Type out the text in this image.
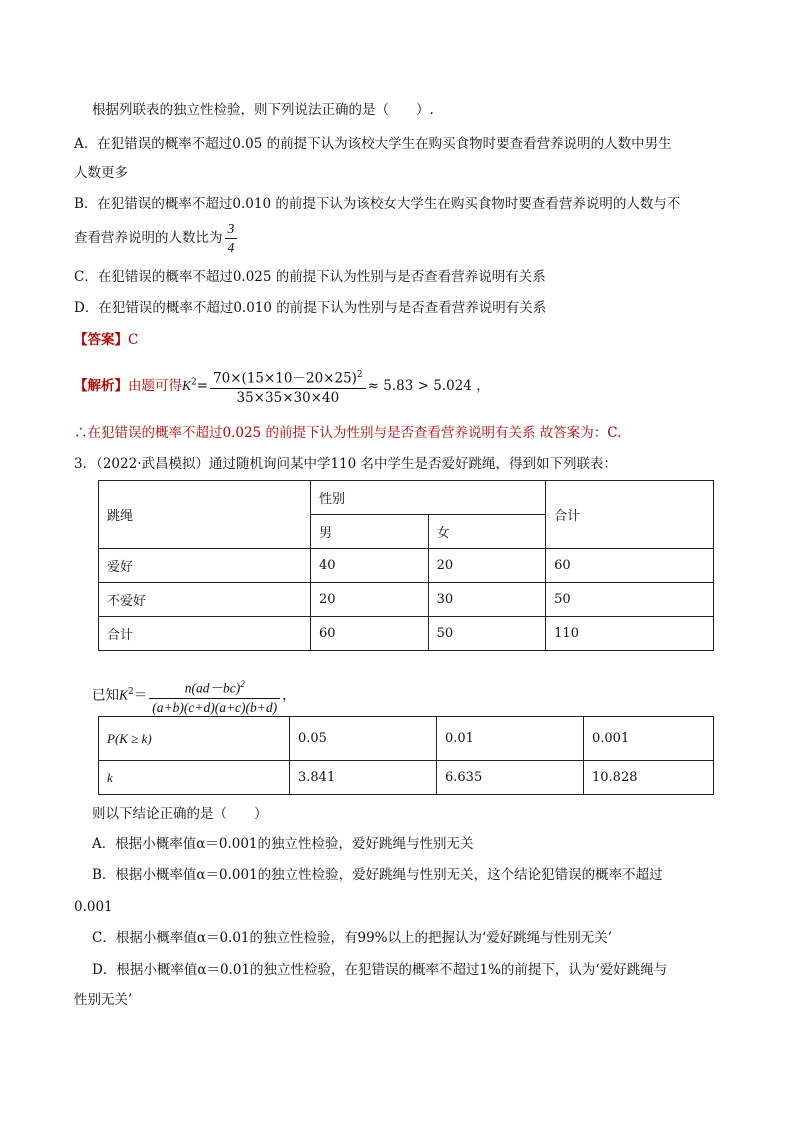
根据列联表的独立性检验，则下列说法正确的是（　　）.
A．在犯错误的概率不超过0.05 的前提下认为该校大学生在购买食物时要查看营养说明的人数中男生
人数更多
B．在犯错误的概率不超过0.010 的前提下认为该校女大学生在购买食物时要查看营养说明的人数与不
查看营养说明的人数比为 $\frac{3}{4}$
C．在犯错误的概率不超过0.025 的前提下认为性别与是否查看营养说明有关系
D．在犯错误的概率不超过0.010 的前提下认为性别与是否查看营养说明有关系
【答案】C
【解析】由题可得$K^2= \frac{70\times(15\times 10-20\times 25)^2}{35\times 35\times 30\times 40} \approx 5.83 > 5.024$ ，
∴在犯错误的概率不超过0.025 的前提下认为性别与是否查看营养说明有关系 故答案为：C.
3．（2022·武昌模拟）通过随机询问某中学110 名中学生是否爱好跳绳，得到如下列联表：
跳绳	性别		合计
	男	女	
爱好	40	20	60
不爱好	20	30	50
合计	60	50	110
已知$K^2= \frac{n(ad-bc)^2}{(a+b)(c+d)(a+c)(b+d)}$ ，
P(K ≥ k)	0.05	0.01	0.001
k	3.841	6.635	10.828
则以下结论正确的是（　　）
A．根据小概率值α＝0.001的独立性检验，爱好跳绳与性别无关
B．根据小概率值α＝0.001的独立性检验，爱好跳绳与性别无关，这个结论犯错误的概率不超过
0.001
C．根据小概率值α＝0.01的独立性检验，有99%以上的把握认为‘爱好跳绳与性别无关’
D．根据小概率值α＝0.01的独立性检验，在犯错误的概率不超过1%的前提下，认为‘爱好跳绳与
性别无关’
